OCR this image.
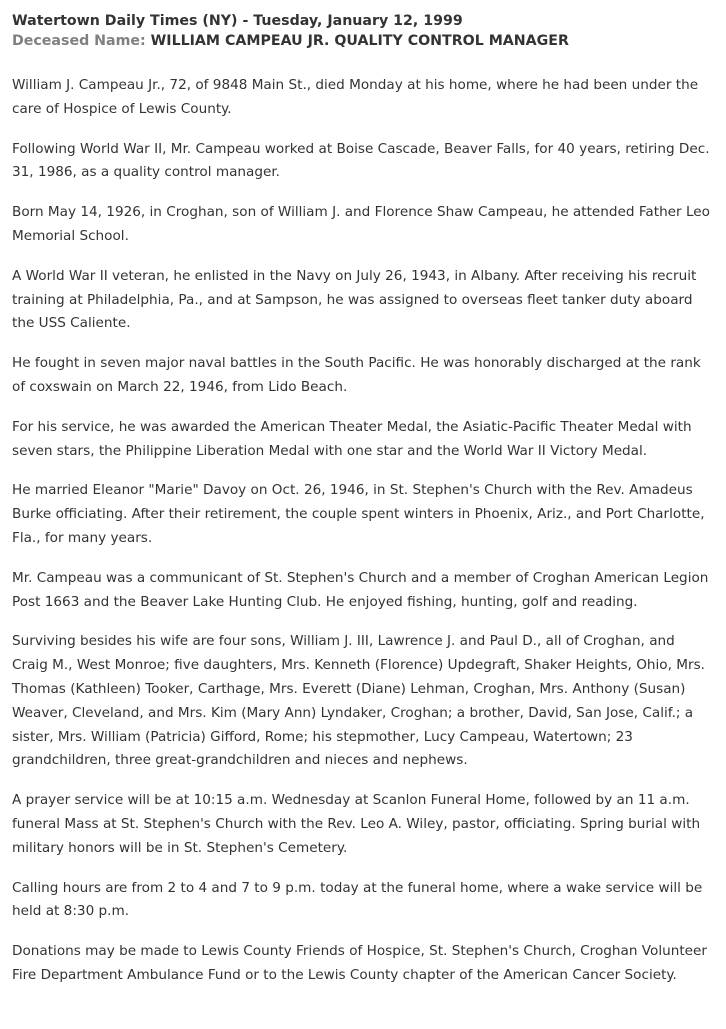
Watertown Daily Times (NY) - Tuesday, January 12, 1999
Deceased Name: WILLIAM CAMPEAU JR. QUALITY CONTROL MANAGER

William J. Campeau Jr., 72, of 9848 Main St., died Monday at his home, where he had been under the care of Hospice of Lewis County.

Following World War II, Mr. Campeau worked at Boise Cascade, Beaver Falls, for 40 years, retiring Dec. 31, 1986, as a quality control manager.

Born May 14, 1926, in Croghan, son of William J. and Florence Shaw Campeau, he attended Father Leo Memorial School.

A World War II veteran, he enlisted in the Navy on July 26, 1943, in Albany. After receiving his recruit training at Philadelphia, Pa., and at Sampson, he was assigned to overseas fleet tanker duty aboard the USS Caliente.

He fought in seven major naval battles in the South Pacific. He was honorably discharged at the rank of coxswain on March 22, 1946, from Lido Beach.

For his service, he was awarded the American Theater Medal, the Asiatic-Pacific Theater Medal with seven stars, the Philippine Liberation Medal with one star and the World War II Victory Medal.

He married Eleanor "Marie" Davoy on Oct. 26, 1946, in St. Stephen's Church with the Rev. Amadeus Burke officiating. After their retirement, the couple spent winters in Phoenix, Ariz., and Port Charlotte, Fla., for many years.

Mr. Campeau was a communicant of St. Stephen's Church and a member of Croghan American Legion Post 1663 and the Beaver Lake Hunting Club. He enjoyed fishing, hunting, golf and reading.

Surviving besides his wife are four sons, William J. III, Lawrence J. and Paul D., all of Croghan, and Craig M., West Monroe; five daughters, Mrs. Kenneth (Florence) Updegraft, Shaker Heights, Ohio, Mrs. Thomas (Kathleen) Tooker, Carthage, Mrs. Everett (Diane) Lehman, Croghan, Mrs. Anthony (Susan) Weaver, Cleveland, and Mrs. Kim (Mary Ann) Lyndaker, Croghan; a brother, David, San Jose, Calif.; a sister, Mrs. William (Patricia) Gifford, Rome; his stepmother, Lucy Campeau, Watertown; 23 grandchildren, three great-grandchildren and nieces and nephews.

A prayer service will be at 10:15 a.m. Wednesday at Scanlon Funeral Home, followed by an 11 a.m. funeral Mass at St. Stephen's Church with the Rev. Leo A. Wiley, pastor, officiating. Spring burial with military honors will be in St. Stephen's Cemetery.

Calling hours are from 2 to 4 and 7 to 9 p.m. today at the funeral home, where a wake service will be held at 8:30 p.m.

Donations may be made to Lewis County Friends of Hospice, St. Stephen's Church, Croghan Volunteer Fire Department Ambulance Fund or to the Lewis County chapter of the American Cancer Society.
